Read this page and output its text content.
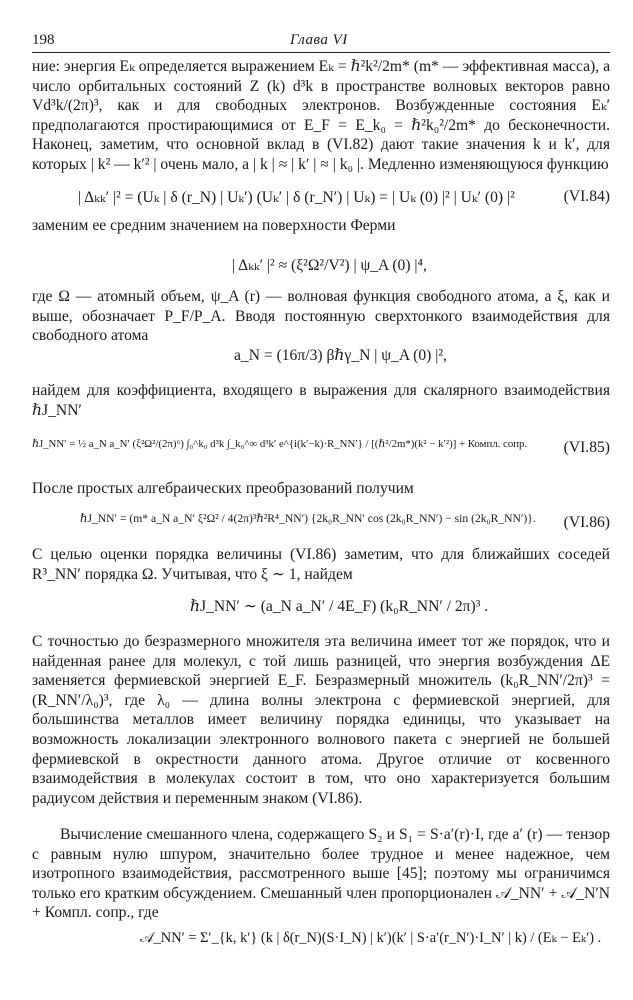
198	Глава VI
ние: энергия Eₖ определяется выражением Eₖ = ℏ²k²/2m* (m* — эффективная масса), а число орбитальных состояний Z (k) d³k в пространстве волновых векторов равно Vd³k/(2π)³, как и для свободных электронов. Возбужденные состояния Eₖ′ предполагаются простирающимися от E_F = E_k₀ = ℏ²k₀²/2m* до бесконечности. Наконец, заметим, что основной вклад в (VI.82) дают такие значения k и k′, для которых | k² — k′² | очень мало, а | k | ≈ | k′ | ≈ | k₀ |. Медленно изменяющуюся функцию
| Δₖₖ′ |² = (Uₖ | δ (r_N) | Uₖ′) (Uₖ′ | δ (r_N′) | Uₖ) = | Uₖ (0) |² | Uₖ′ (0) |²	(VI.84)
заменим ее средним значением на поверхности Ферми
| Δₖₖ′ |² ≈ (ξ²Ω²/V²) | ψ_A (0) |⁴,
где Ω — атомный объем, ψ_A (r) — волновая функция свободного атома, а ξ, как и выше, обозначает P_F/P_A. Вводя постоянную сверхтонкого взаимодействия для свободного атома
a_N = (16π/3) βℏγ_N | ψ_A (0) |²,
найдем для коэффициента, входящего в выражения для скалярного взаимодействия ℏJ_NN′
ℏJ_NN′ = ½ a_N a_N′ (ξ²Ω²/(2π)⁶) ∫₀^k₀ d³k ∫_k₀^∞ d³k′ e^{i(k′−k)·R_NN′} / [(ℏ²/2m*)(k² − k′²)] + Компл. сопр. (VI.85)
После простых алгебраических преобразований получим
ℏJ_NN′ = (m* a_N a_N′ ξ²Ω² / 4(2π)³ℏ²R⁴_NN′) {2k₀R_NN′ cos (2k₀R_NN′) − sin (2k₀R_NN′)}. (VI.86)
С целью оценки порядка величины (VI.86) заметим, что для ближайших соседей R³_NN′ порядка Ω. Учитывая, что ξ ∼ 1, найдем
ℏJ_NN′ ∼ (a_N a_N′ / 4E_F) (k₀R_NN′ / 2π)³ .
С точностью до безразмерного множителя эта величина имеет тот же порядок, что и найденная ранее для молекул, с той лишь разницей, что энергия возбуждения ΔE заменяется фермиевской энергией E_F. Безразмерный множитель (k₀R_NN′/2π)³ = (R_NN′/λ₀)³, где λ₀ — длина волны электрона с фермиевской энергией, для большинства металлов имеет величину порядка единицы, что указывает на возможность локализации электронного волнового пакета с энергией не большей фермиевской в окрестности данного атома. Другое отличие от косвенного взаимодействия в молекулах состоит в том, что оно характеризуется большим радиусом действия и переменным знаком (VI.86).
Вычисление смешанного члена, содержащего S₂ и S₁ = S·a′(r)·I, где a′ (r) — тензор с равным нулю шпуром, значительно более трудное и менее надежное, чем изотропного взаимодействия, рассмотренного выше [45]; поэтому мы ограничимся только его кратким обсуждением. Смешанный член пропорционален 𝒜_NN′ + 𝒜_N′N + Компл. сопр., где
𝒜_NN′ = Σ′_{k, k′} (k | δ(r_N)(S·I_N) | k′)(k′ | S·a′(r_N′)·I_N′ | k) / (Eₖ − Eₖ′) .
